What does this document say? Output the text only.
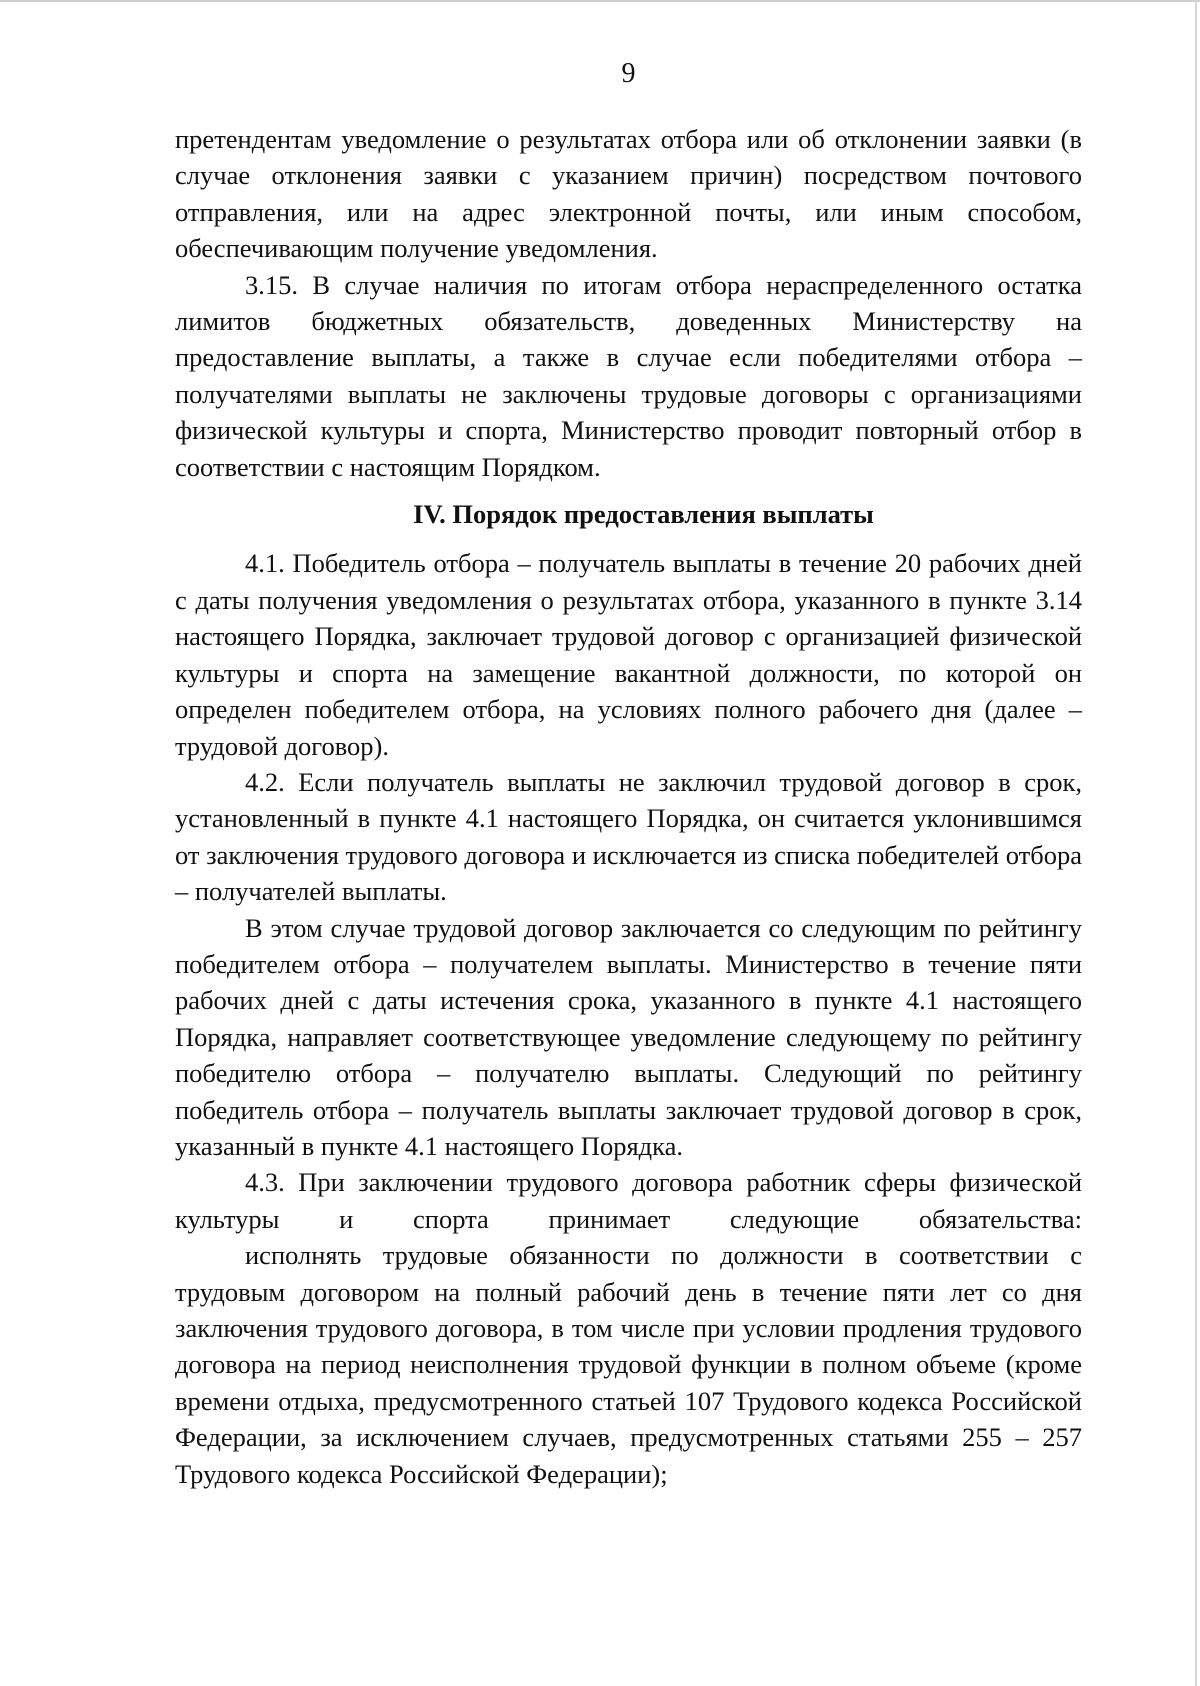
9

претендентам уведомление о результатах отбора или об отклонении заявки (в случае отклонения заявки с указанием причин) посредством почтового отправления, или на адрес электронной почты, или иным способом, обеспечивающим получение уведомления.

3.15. В случае наличия по итогам отбора нераспределенного остатка лимитов бюджетных обязательств, доведенных Министерству на предоставление выплаты, а также в случае если победителями отбора – получателями выплаты не заключены трудовые договоры с организациями физической культуры и спорта, Министерство проводит повторный отбор в соответствии с настоящим Порядком.

IV. Порядок предоставления выплаты

4.1. Победитель отбора – получатель выплаты в течение 20 рабочих дней с даты получения уведомления о результатах отбора, указанного в пункте 3.14 настоящего Порядка, заключает трудовой договор с организацией физической культуры и спорта на замещение вакантной должности, по которой он определен победителем отбора, на условиях полного рабочего дня (далее – трудовой договор).

4.2. Если получатель выплаты не заключил трудовой договор в срок, установленный в пункте 4.1 настоящего Порядка, он считается уклонившимся от заключения трудового договора и исключается из списка победителей отбора – получателей выплаты.

В этом случае трудовой договор заключается со следующим по рейтингу победителем отбора – получателем выплаты. Министерство в течение пяти рабочих дней с даты истечения срока, указанного в пункте 4.1 настоящего Порядка, направляет соответствующее уведомление следующему по рейтингу победителю отбора – получателю выплаты. Следующий по рейтингу победитель отбора – получатель выплаты заключает трудовой договор в срок, указанный в пункте 4.1 настоящего Порядка.

4.3. При заключении трудового договора работник сферы физической культуры и спорта принимает следующие обязательства:

исполнять трудовые обязанности по должности в соответствии с трудовым договором на полный рабочий день в течение пяти лет со дня заключения трудового договора, в том числе при условии продления трудового договора на период неисполнения трудовой функции в полном объеме (кроме времени отдыха, предусмотренного статьей 107 Трудового кодекса Российской Федерации, за исключением случаев, предусмотренных статьями 255 – 257 Трудового кодекса Российской Федерации);
